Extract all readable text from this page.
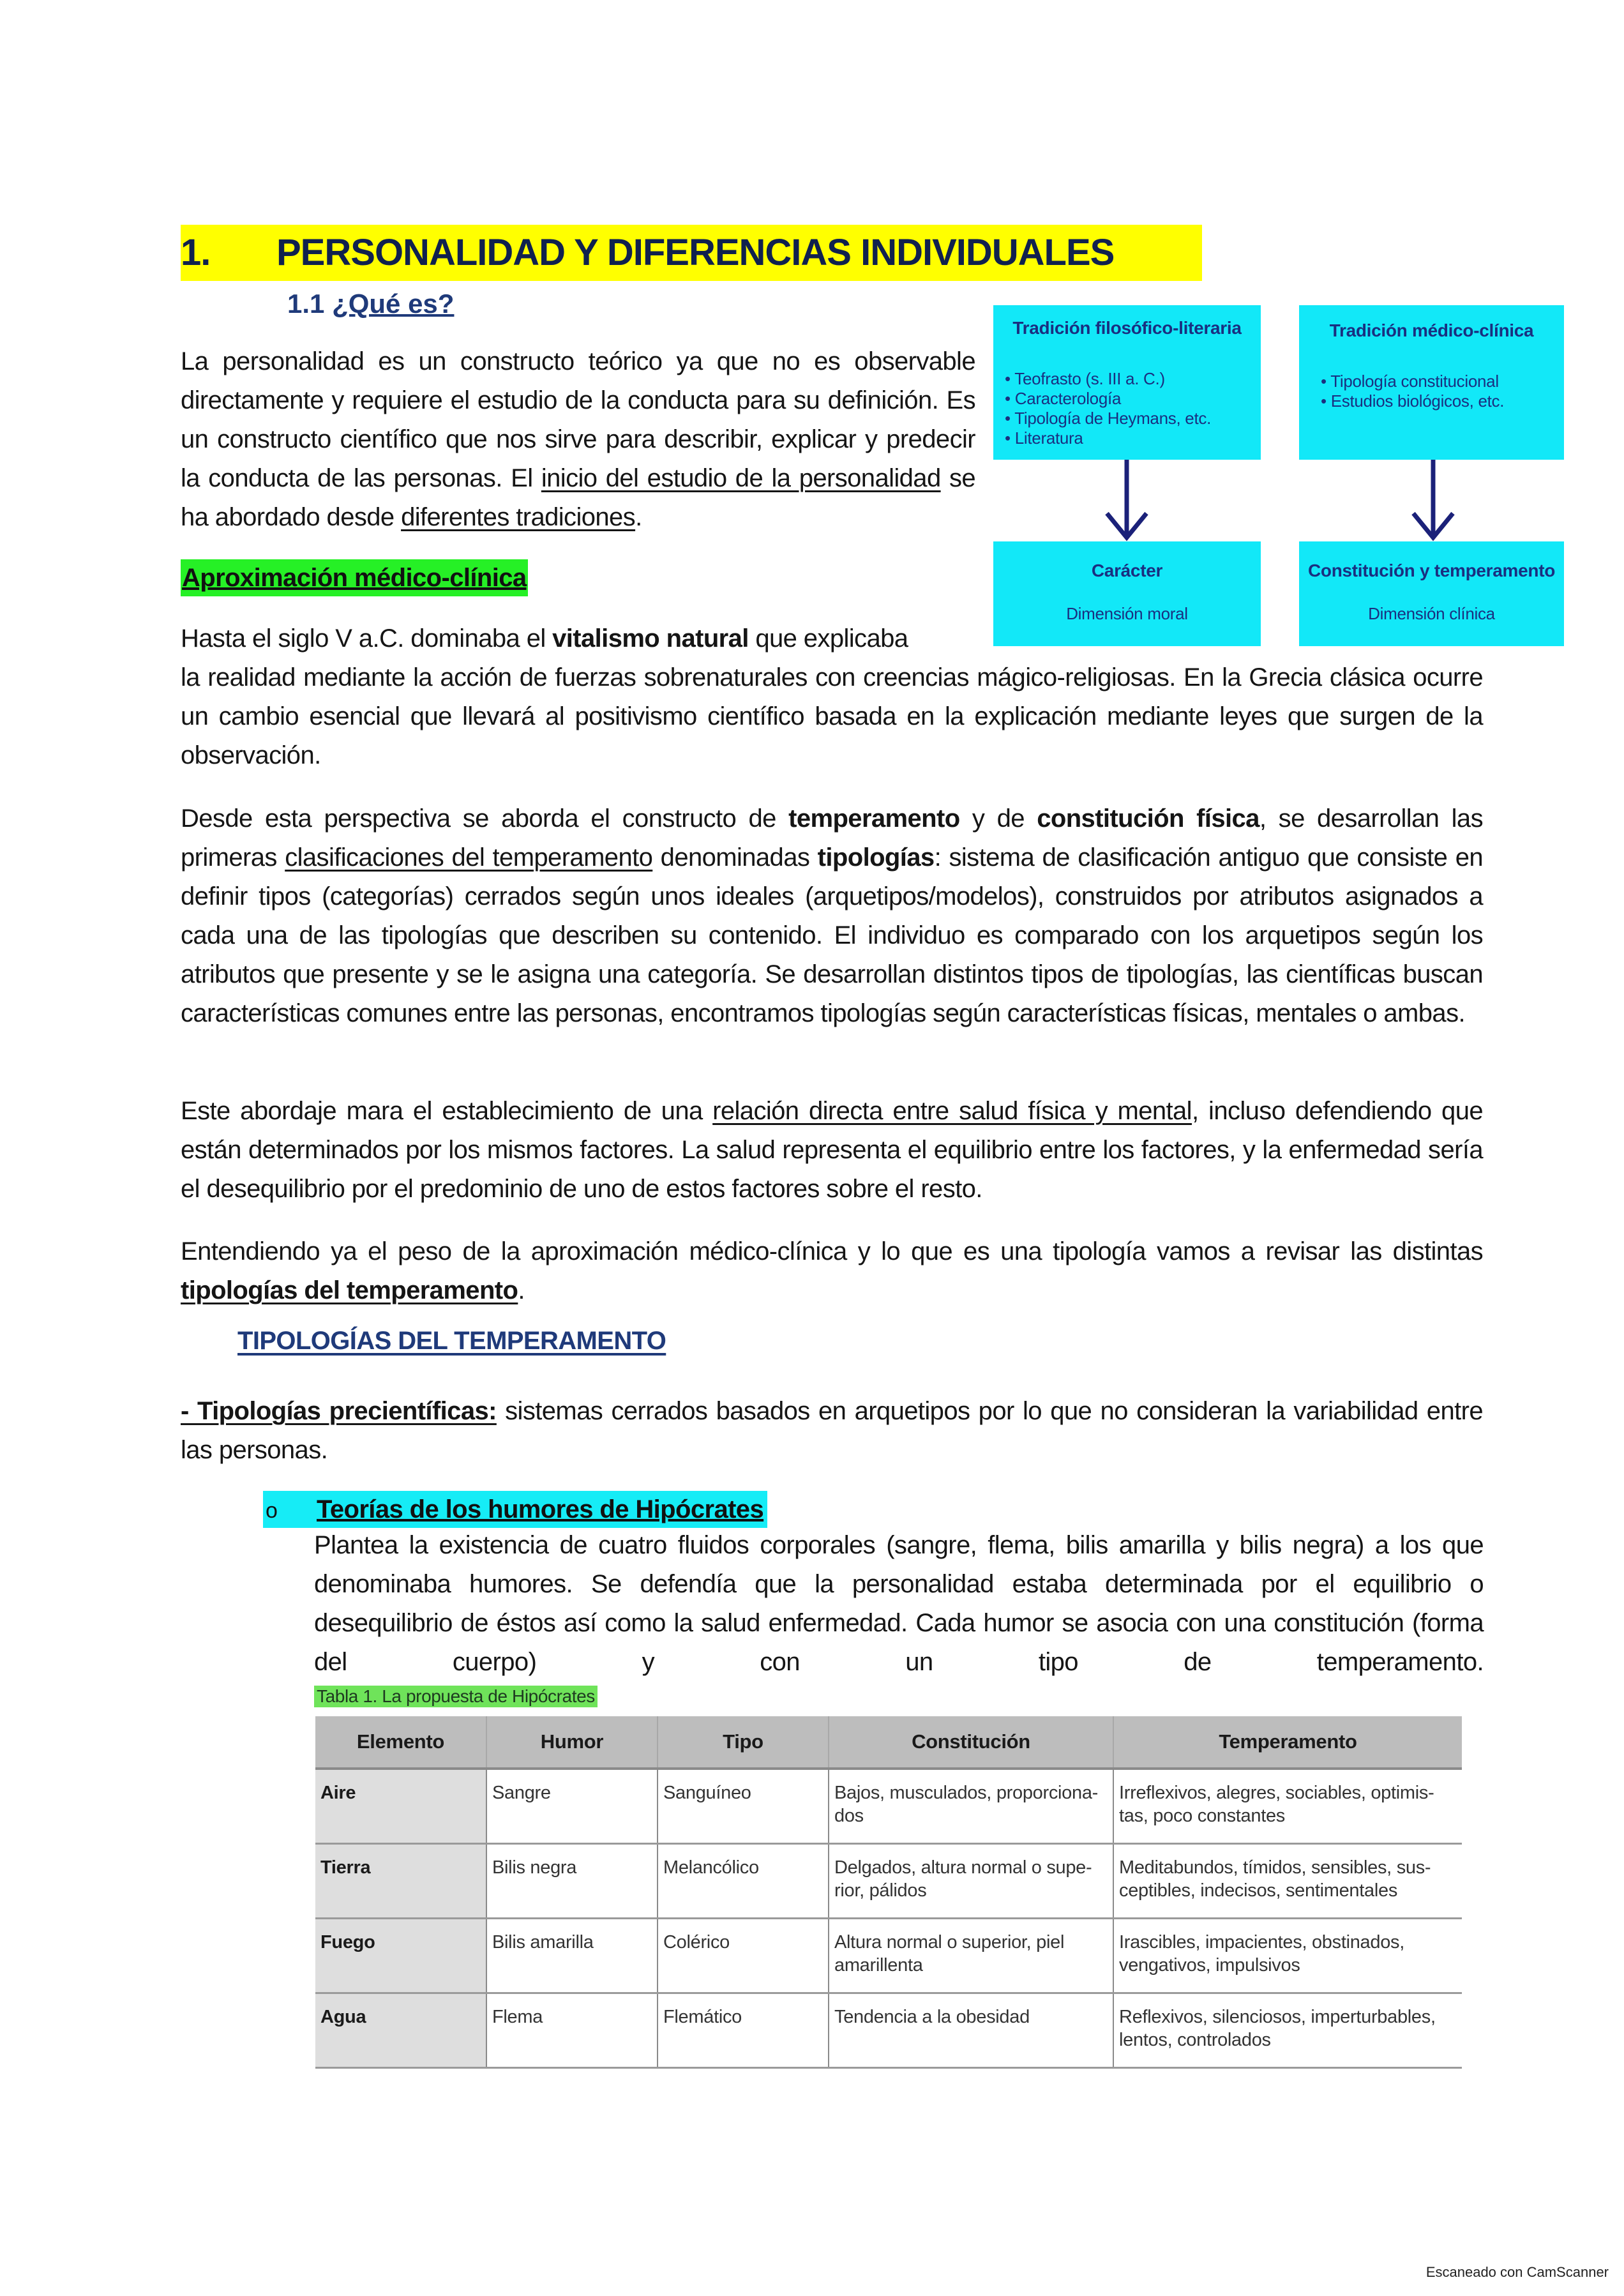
1. PERSONALIDAD Y DIFERENCIAS INDIVIDUALES
1.1 ¿Qué es?
La personalidad es un constructo teórico ya que no es observable directamente y requiere el estudio de la conducta para su definición. Es un constructo científico que nos sirve para describir, explicar y predecir la conducta de las personas. El inicio del estudio de la personalidad se ha abordado desde diferentes tradiciones.
Tradición filosófico-literaria
• Teofrasto (s. III a. C.)
• Caracterología
• Tipología de Heymans, etc.
• Literatura
Tradición médico-clínica
• Tipología constitucional
• Estudios biológicos, etc.
Carácter
Dimensión moral
Constitución y temperamento
Dimensión clínica
Aproximación médico-clínica
Hasta el siglo V a.C. dominaba el vitalismo natural que explicaba
la realidad mediante la acción de fuerzas sobrenaturales con creencias mágico-religiosas. En la Grecia clásica ocurre un cambio esencial que llevará al positivismo científico basada en la explicación mediante leyes que surgen de la observación.
Desde esta perspectiva se aborda el constructo de temperamento y de constitución física, se desarrollan las primeras clasificaciones del temperamento denominadas tipologías: sistema de clasificación antiguo que consiste en definir tipos (categorías) cerrados según unos ideales (arquetipos/modelos), construidos por atributos asignados a cada una de las tipologías que describen su contenido. El individuo es comparado con los arquetipos según los atributos que presente y se le asigna una categoría. Se desarrollan distintos tipos de tipologías, las científicas buscan características comunes entre las personas, encontramos tipologías según características físicas, mentales o ambas.
Este abordaje mara el establecimiento de una relación directa entre salud física y mental, incluso defendiendo que están determinados por los mismos factores. La salud representa el equilibrio entre los factores, y la enfermedad sería el desequilibrio por el predominio de uno de estos factores sobre el resto.
Entendiendo ya el peso de la aproximación médico-clínica y lo que es una tipología vamos a revisar las distintas tipologías del temperamento.
TIPOLOGÍAS DEL TEMPERAMENTO
- Tipologías precientíficas: sistemas cerrados basados en arquetipos por lo que no consideran la variabilidad entre las personas.
o Teorías de los humores de Hipócrates
Plantea la existencia de cuatro fluidos corporales (sangre, flema, bilis amarilla y bilis negra) a los que denominaba humores. Se defendía que la personalidad estaba determinada por el equilibrio o desequilibrio de éstos así como la salud enfermedad. Cada humor se asocia con una constitución (forma del cuerpo) y con un tipo de temperamento.
Tabla 1. La propuesta de Hipócrates
Elemento	Humor	Tipo	Constitución	Temperamento
Aire	Sangre	Sanguíneo	Bajos, musculados, proporciona-dos	Irreflexivos, alegres, sociables, optimis-tas, poco constantes
Tierra	Bilis negra	Melancólico	Delgados, altura normal o supe-rior, pálidos	Meditabundos, tímidos, sensibles, sus-ceptibles, indecisos, sentimentales
Fuego	Bilis amarilla	Colérico	Altura normal o superior, piel amarillenta	Irascibles, impacientes, obstinados, vengativos, impulsivos
Agua	Flema	Flemático	Tendencia a la obesidad	Reflexivos, silenciosos, imperturbables, lentos, controlados
Escaneado con CamScanner
